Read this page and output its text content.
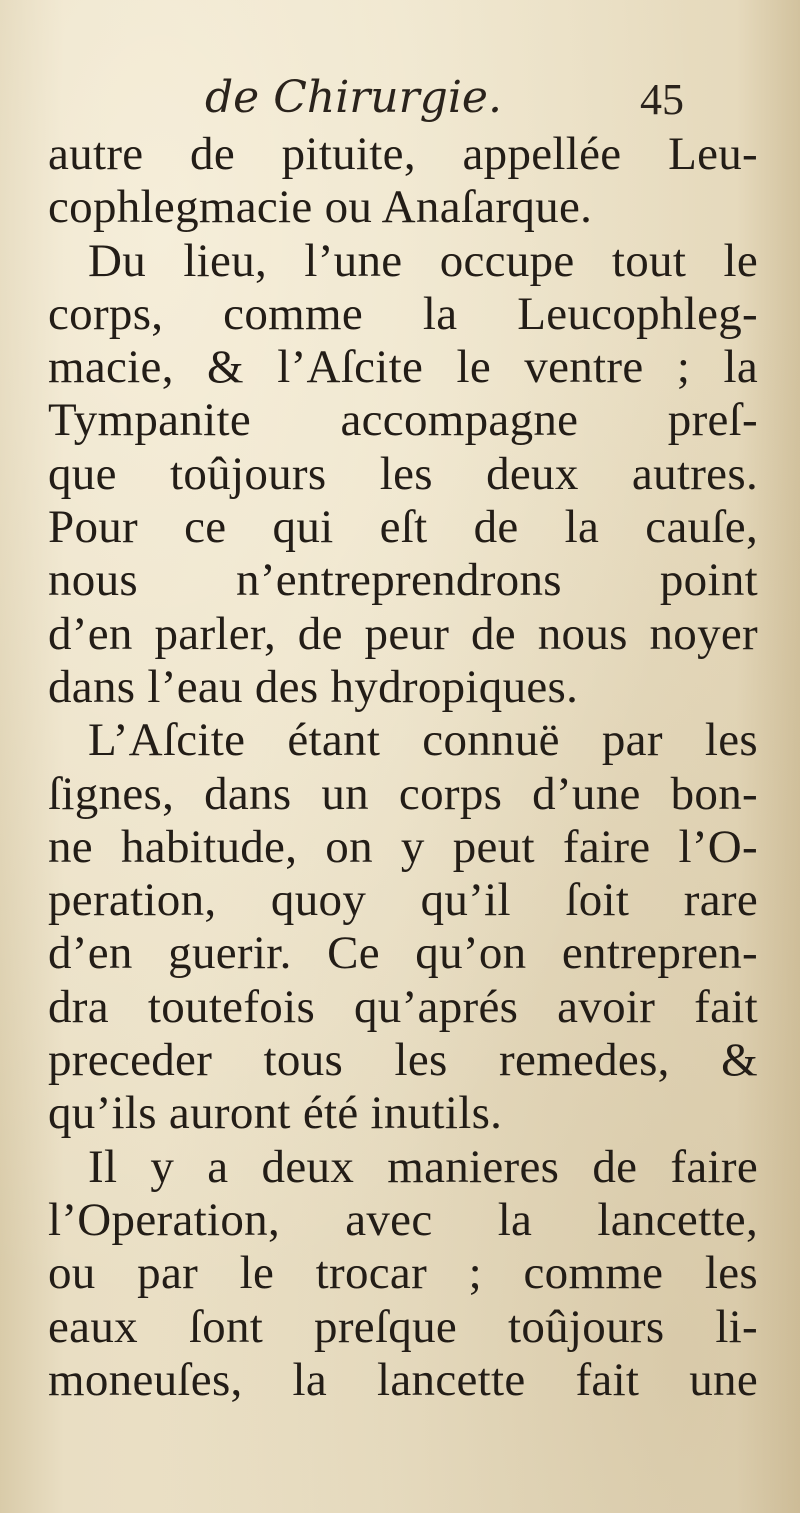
de Chirurgie.	45
autre de pituite, appellée Leu-
cophlegmacie ou Anaſarque.
Du lieu, l’une occupe tout le
corps, comme la Leucophleg-
macie, & l’Aſcite le ventre ; la
Tympanite accompagne preſ-
que toûjours les deux autres.
Pour ce qui eſt de la cauſe,
nous n’entreprendrons point
d’en parler, de peur de nous noyer
dans l’eau des hydropiques.
L’Aſcite étant connuë par les
ſignes, dans un corps d’une bon-
ne habitude, on y peut faire l’O-
peration, quoy qu’il ſoit rare
d’en guerir. Ce qu’on entrepren-
dra toutefois qu’aprés avoir fait
preceder tous les remedes, &
qu’ils auront été inutils.
Il y a deux manieres de faire
l’Operation, avec la lancette,
ou par le trocar ; comme les
eaux ſont preſque toûjours li-
moneuſes, la lancette fait une
